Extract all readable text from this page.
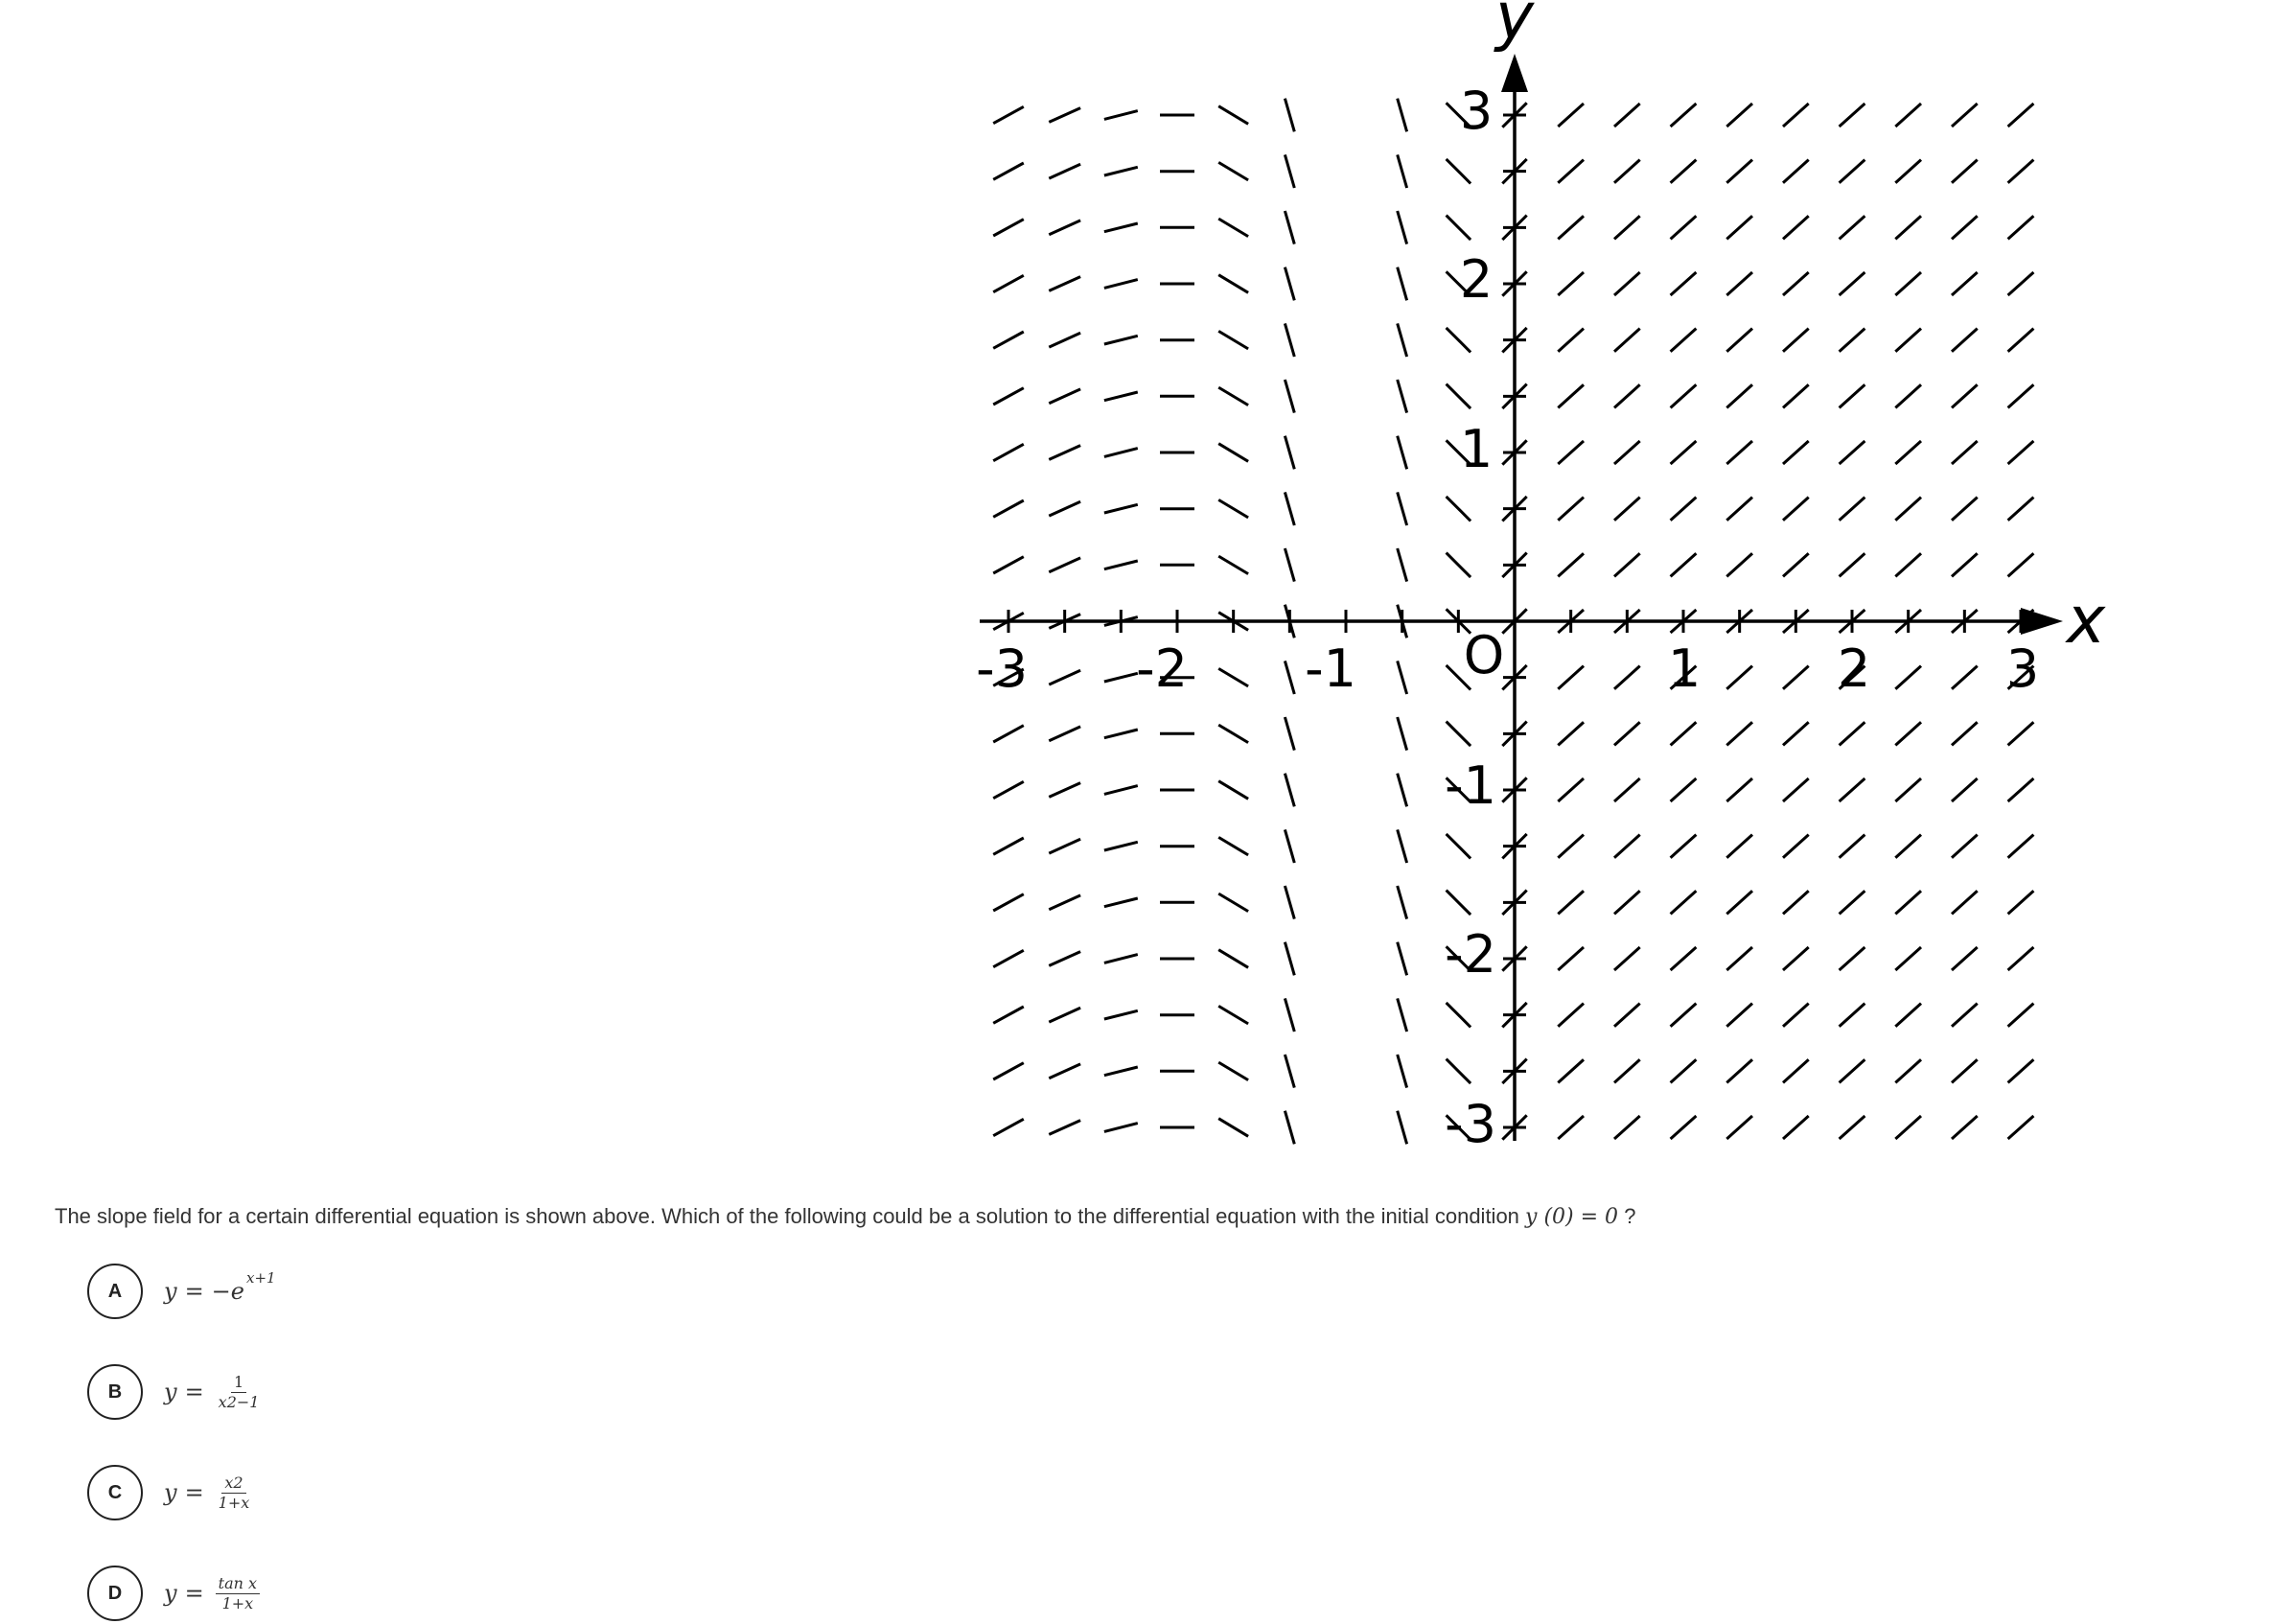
x
y
O
-3 -2 -1	1	2	3
3
2
1
-1
-2
-3
The slope field for a certain differential equation is shown above. Which of the following could be a solution to the differential equation with the initial condition y (0) = 0 ?
A	y = −e x+1
B	$y = \frac{1}{x2-1}$
C	$y = \frac{x2}{1+x}$
D	$y = \frac{\text{tan x}}{1+x}$
